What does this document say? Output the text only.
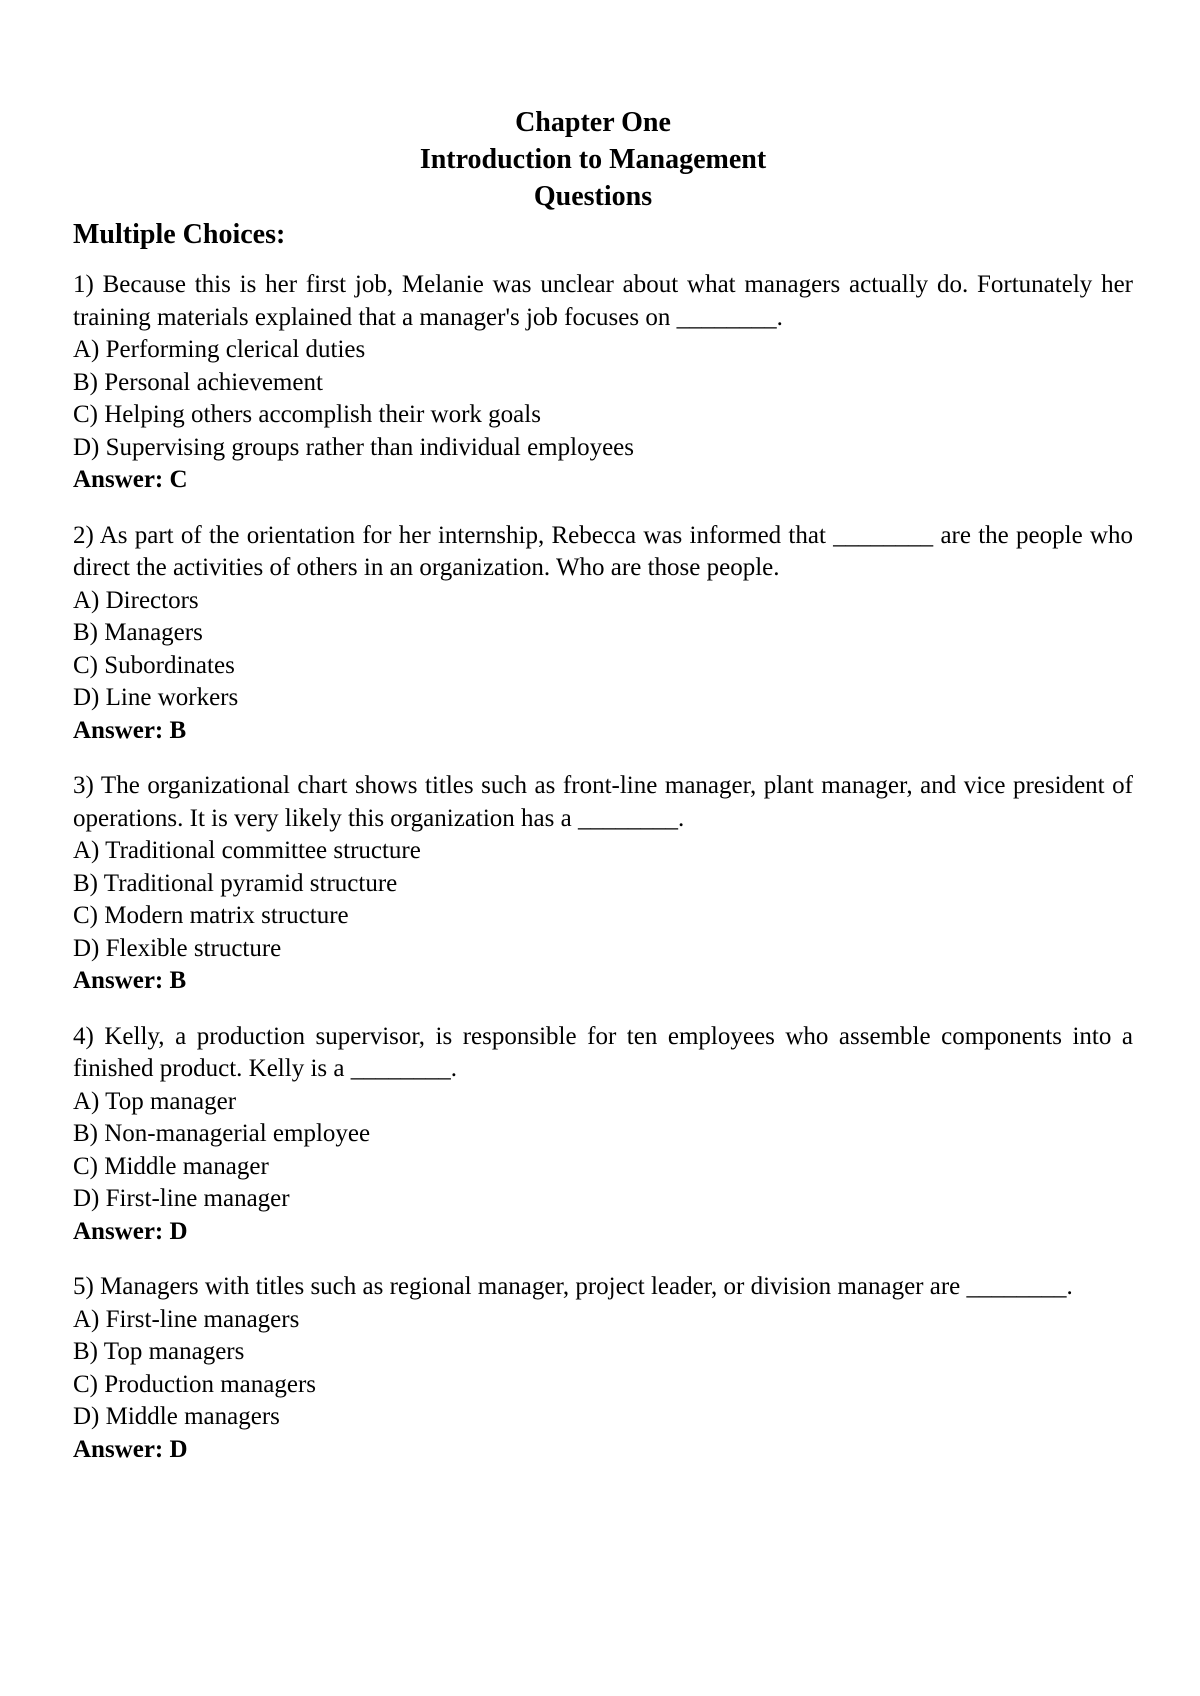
Chapter One
Introduction to Management
Questions
Multiple Choices:

1) Because this is her first job, Melanie was unclear about what managers actually do. Fortunately her training materials explained that a manager's job focuses on ________.

A) Performing clerical duties
B) Personal achievement
C) Helping others accomplish their work goals
D) Supervising groups rather than individual employees

Answer: C

2) As part of the orientation for her internship, Rebecca was informed that ________ are the people who direct the activities of others in an organization. Who are those people.

A) Directors
B) Managers
C) Subordinates
D) Line workers

Answer: B

3) The organizational chart shows titles such as front-line manager, plant manager, and vice president of operations. It is very likely this organization has a ________.

A) Traditional committee structure
B) Traditional pyramid structure
C) Modern matrix structure
D) Flexible structure

Answer: B

4) Kelly, a production supervisor, is responsible for ten employees who assemble components into a finished product. Kelly is a ________.

A) Top manager
B) Non-managerial employee
C) Middle manager
D) First-line manager

Answer: D

5) Managers with titles such as regional manager, project leader, or division manager are ________.

A) First-line managers
B) Top managers
C) Production managers
D) Middle managers

Answer: D
